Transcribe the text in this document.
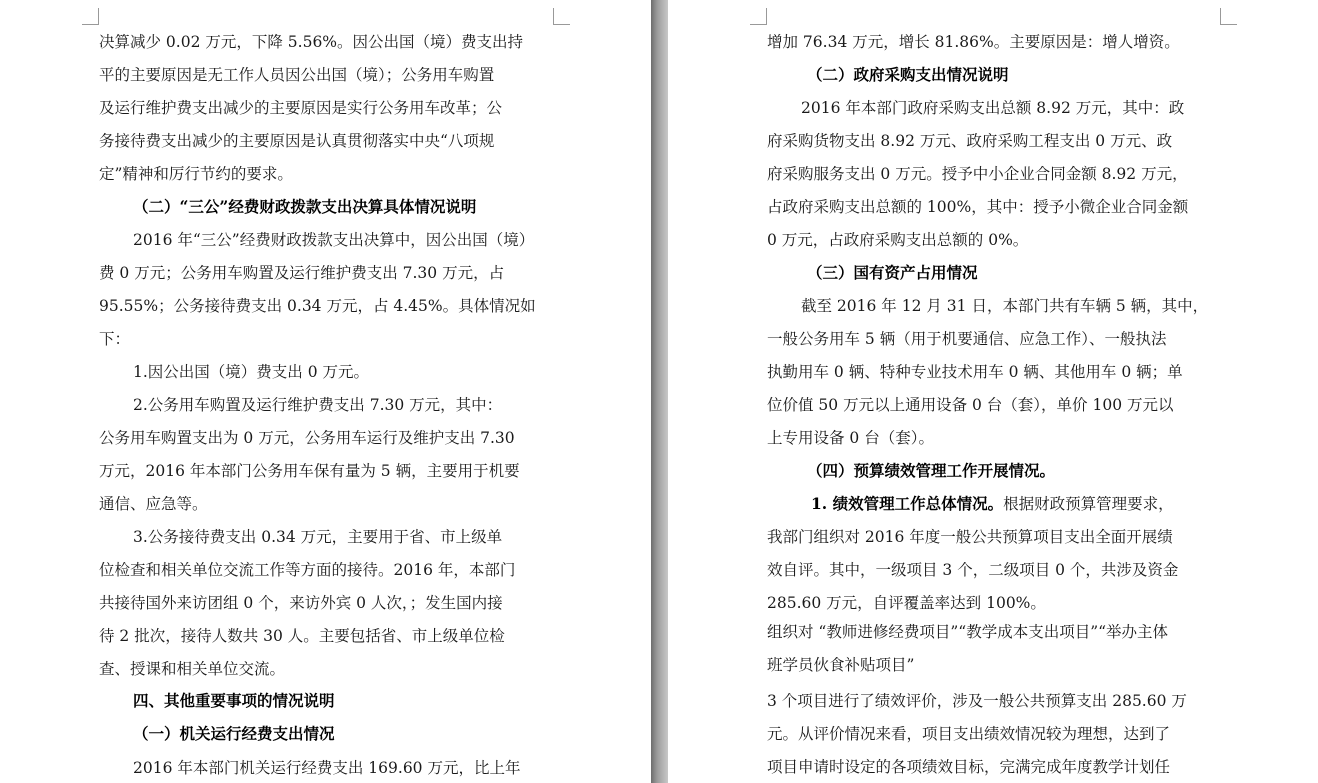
决算减少 0.02 万元，下降 5.56%。因公出国（境）费支出持

平的主要原因是无工作人员因公出国（境）；公务用车购置

及运行维护费支出减少的主要原因是实行公务用车改革；公

务接待费支出减少的主要原因是认真贯彻落实中央“八项规

定”精神和厉行节约的要求。

（二）“三公”经费财政拨款支出决算具体情况说明

2016 年“三公”经费财政拨款支出决算中，因公出国（境）

费 0 万元；公务用车购置及运行维护费支出 7.30 万元，占

95.55%；公务接待费支出 0.34 万元，占 4.45%。具体情况如

下：

1.因公出国（境）费支出 0 万元。

2.公务用车购置及运行维护费支出 7.30 万元，其中：

公务用车购置支出为 0 万元，公务用车运行及维护支出 7.30

万元，2016 年本部门公务用车保有量为 5 辆，主要用于机要

通信、应急等。

3.公务接待费支出 0.34 万元，主要用于省、市上级单

位检查和相关单位交流工作等方面的接待。2016 年，本部门

共接待国外来访团组 0 个，来访外宾 0 人次，；发生国内接

待 2 批次，接待人数共 30 人。主要包括省、市上级单位检

查、授课和相关单位交流。

四、其他重要事项的情况说明

（一）机关运行经费支出情况

2016 年本部门机关运行经费支出 169.60 万元，比上年

增加 76.34 万元，增长 81.86%。主要原因是：增人增资。

（二）政府采购支出情况说明

2016 年本部门政府采购支出总额 8.92 万元，其中：政

府采购货物支出 8.92 万元、政府采购工程支出 0 万元、政

府采购服务支出 0 万元。授予中小企业合同金额 8.92 万元，

占政府采购支出总额的 100%，其中：授予小微企业合同金额

0 万元，占政府采购支出总额的 0%。

（三）国有资产占用情况

截至 2016 年 12 月 31 日，本部门共有车辆 5 辆，其中，

一般公务用车 5 辆（用于机要通信、应急工作）、一般执法

执勤用车 0 辆、特种专业技术用车 0 辆、其他用车 0 辆；单

位价值 50 万元以上通用设备 0 台（套），单价 100 万元以

上专用设备 0 台（套）。

（四）预算绩效管理工作开展情况。

1. 绩效管理工作总体情况。根据财政预算管理要求，

我部门组织对 2016 年度一般公共预算项目支出全面开展绩

效自评。其中，一级项目 3 个，二级项目 0 个，共涉及资金

285.60 万元，自评覆盖率达到 100%。

组织对 “教师进修经费项目”“教学成本支出项目”“举办主体

班学员伙食补贴项目”

3 个项目进行了绩效评价，涉及一般公共预算支出 285.60 万

元。从评价情况来看，项目支出绩效情况较为理想，达到了

项目申请时设定的各项绩效目标，完满完成年度教学计划任
